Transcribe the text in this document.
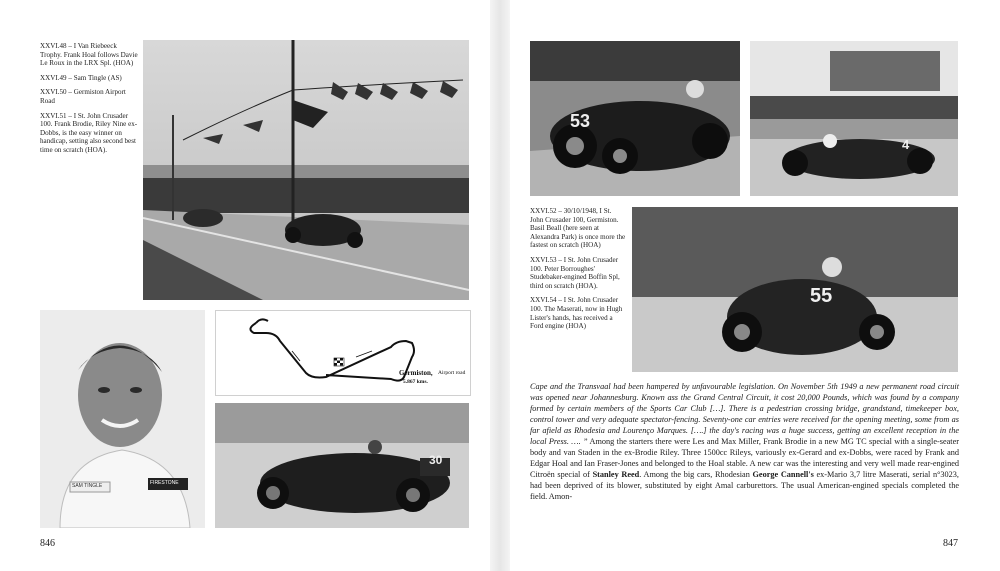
XXVI.48 – I Van Riebeeck Trophy. Frank Hoal follows Davie Le Roux in the LRX Spl. (HOA)

XXVI.49 – Sam Tingle (AS)

XXVI.50 – Germiston Airport Road

XXVI.51 – I St. John Crusader 100. Frank Brodie, Riley Nine ex-Dobbs, is the easy winner on handicap, setting also second best time on scratch (HOA).

SAM TINGLE	FIRESTONE
Germiston, Airport road
5.867 kms.
30
846
53
4

XXVI.52 – 30/10/1948, I St. John Crusader 100, Germiston. Basil Beall (here seen at Alexandra Park) is once more the fastest on scratch (HOA)

XXVI.53 – I St. John Crusader 100. Peter Borroughes' Studebaker-engined Boffin Spl, third on scratch (HOA).

XXVI.54 – I St. John Crusader 100. The Maserati, now in Hugh Lister's hands, has received a Ford engine (HOA)

55
Cape and the Transvaal had been hampered by unfavourable legislation. On November 5th 1949 a new permanent road circuit was opened near Johannesburg. Known ass the Grand Central Circuit, it cost 20,000 Pounds, which was found by a company formed by certain members of the Sports Car Club […]. There is a pedestrian crossing bridge, grandstand, timekeeper box, control tower and very adequate spectator-fencing. Seventy-one car entries were received for the opening meeting, some from as far afield as Rhodesia and Lourenço Marques. [….] the day's racing was a huge success, getting an excellent reception in the local Press. …. ” Among the starters there were Les and Max Miller, Frank Brodie in a new MG TC special with a single-seater body and van Staden in the ex-Brodie Riley. Three 1500cc Rileys, variously ex-Gerard and ex-Dobbs, were raced by Frank and Edgar Hoal and Ian Fraser-Jones and belonged to the Hoal stable. A new car was the interesting and very well made rear-engined Citroën special of Stanley Reed. Among the big cars, Rhodesian George Cannell's ex-Mario 3,7 litre Maserati, serial n°3023, had been deprived of its blower, substituted by eight Amal carburettors. The usual American-engined specials completed the field. Amon-
847
